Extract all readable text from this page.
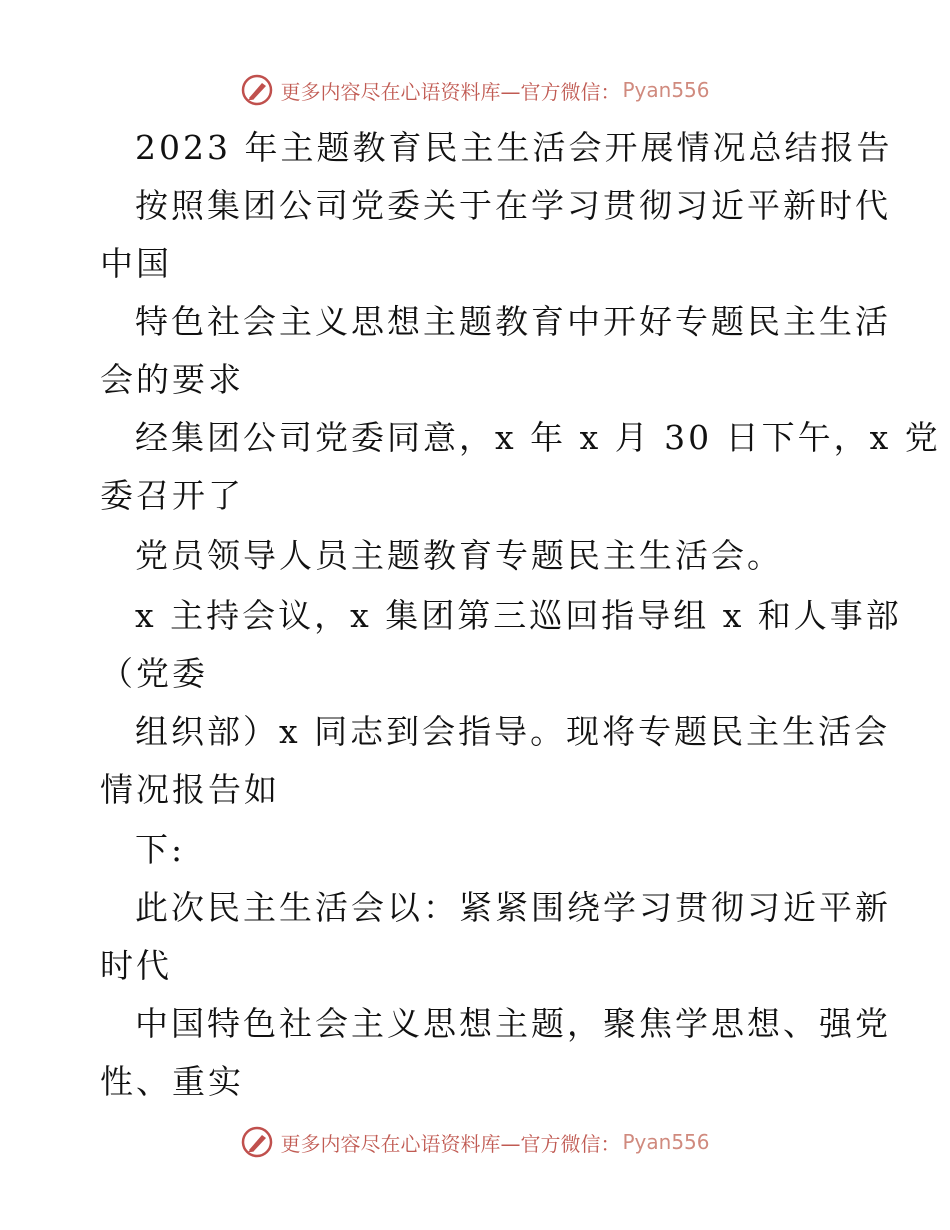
更多内容尽在心语资料库—官方微信： Pyan556
2023 年主题教育民主生活会开展情况总结报告
按照集团公司党委关于在学习贯彻习近平新时代
中国
特色社会主义思想主题教育中开好专题民主生活
会的要求
经集团公司党委同意，x 年 x 月 30 日下午，x 党
委召开了
党员领导人员主题教育专题民主生活会。
x 主持会议，x 集团第三巡回指导组 x 和人事部
（党委
组织部）x 同志到会指导。现将专题民主生活会
情况报告如
下:
此次民主生活会以：紧紧围绕学习贯彻习近平新
时代
中国特色社会主义思想主题，聚焦学思想、强党
性、重实
更多内容尽在心语资料库—官方微信： Pyan556
